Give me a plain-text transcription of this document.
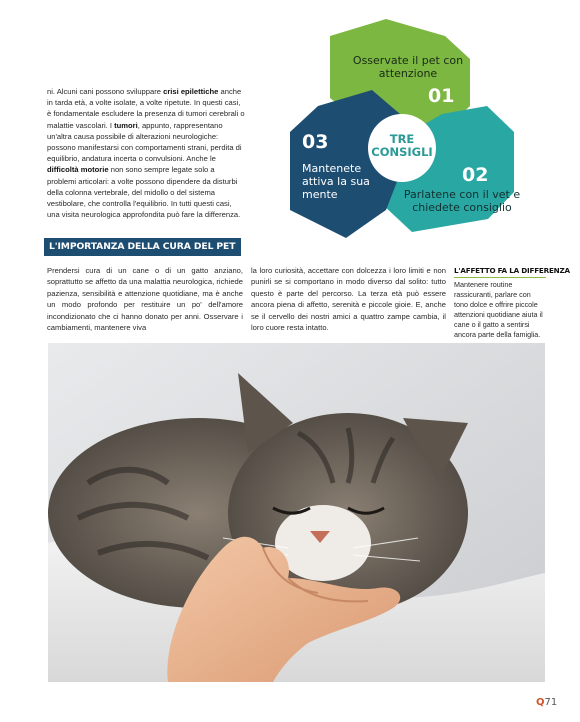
Osservate il pet con attenzione
01
02
Parlatene con il vet e chiedete consiglio
03
Mantenete attiva la sua mente
TRE CONSIGLI

ni. Alcuni cani possono sviluppare crisi epilettiche anche in tarda età, a volte isolate, a volte ripetute. In questi casi, è fondamentale escludere la presenza di tumori cerebrali o malattie vascolari. I tumori, appunto, rappresentano un'altra causa possibile di alterazioni neurologiche: possono manifestarsi con comportamenti strani, perdita di equilibrio, andatura incerta o convulsioni. Anche le difficoltà motorie non sono sempre legate solo a problemi articolari: a volte possono dipendere da disturbi della colonna vertebrale, del midollo o del sistema vestibolare, che controlla l'equilibrio. In tutti questi casi, una visita neurologica approfondita può fare la differenza.

L'IMPORTANZA DELLA CURA DEL PET

Prendersi cura di un cane o di un gatto anziano, soprattutto se affetto da una malattia neurologica, richiede pazienza, sensibilità e attenzione quotidiane, ma è anche un modo profondo per restituire un po' dell'amore incondizionato che ci hanno donato per anni. Osservare i cambiamenti, mantenere viva

la loro curiosità, accettare con dolcezza i loro limiti e non punirli se si comportano in modo diverso dal solito: tutto questo è parte del percorso. La terza età può essere ancora piena di affetto, serenità e piccole gioie. E, anche se il cervello dei nostri amici a quattro zampe cambia, il loro cuore resta intatto.

L'AFFETTO FA LA DIFFERENZA

Mantenere routine rassicuranti, parlare con tono dolce e offrire piccole attenzioni quotidiane aiuta il cane o il gatto a sentirsi ancora parte della famiglia.

Q71
